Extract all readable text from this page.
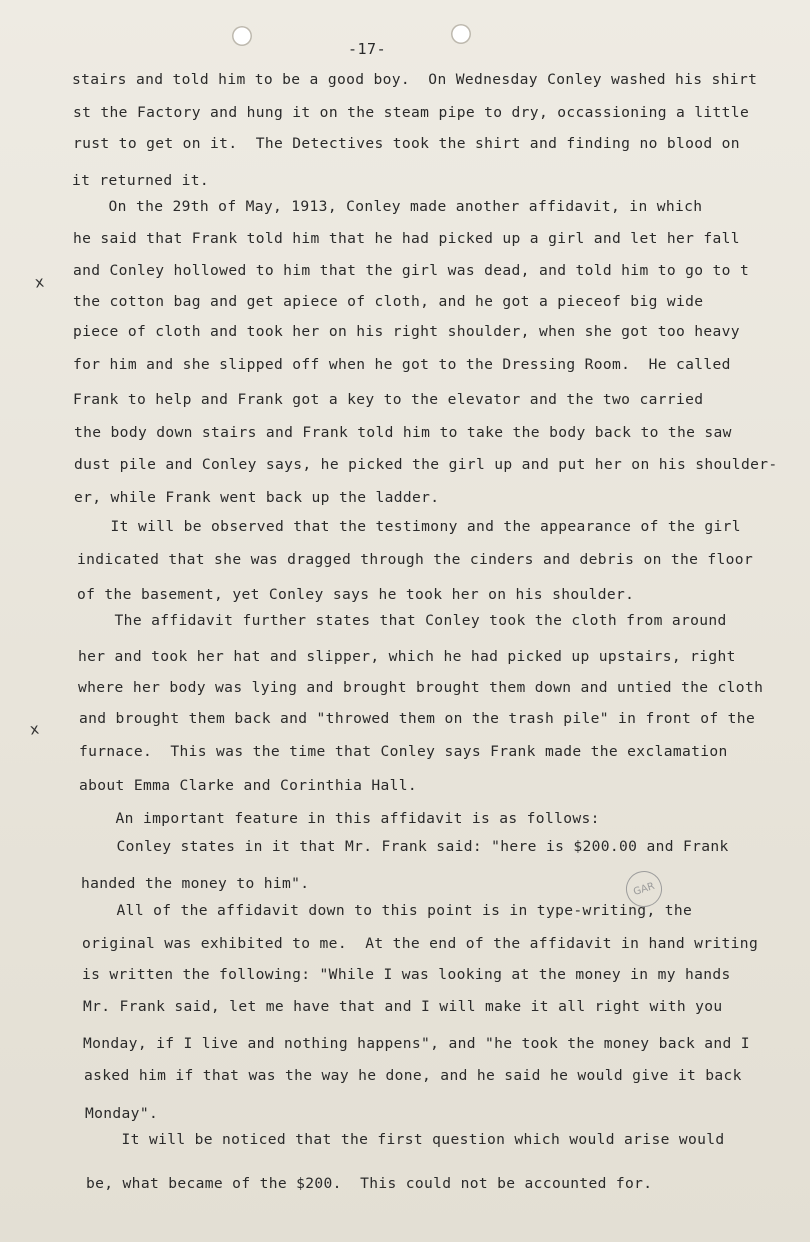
-17-
x
x
GAR
stairs and told him to be a good boy.  On Wednesday Conley washed his shirt
st the Factory and hung it on the steam pipe to dry, occassioning a little
rust to get on it.  The Detectives took the shirt and finding no blood on
it returned it.
On the 29th of May, 1913, Conley made another affidavit, in which
he said that Frank told him that he had picked up a girl and let her fall
and Conley hollowed to him that the girl was dead, and told him to go to t
the cotton bag and get apiece of cloth, and he got a pieceof big wide
piece of cloth and took her on his right shoulder, when she got too heavy
for him and she slipped off when he got to the Dressing Room.  He called
Frank to help and Frank got a key to the elevator and the two carried
the body down stairs and Frank told him to take the body back to the saw
dust pile and Conley says, he picked the girl up and put her on his shoulder-
er, while Frank went back up the ladder.
It will be observed that the testimony and the appearance of the girl
indicated that she was dragged through the cinders and debris on the floor
of the basement, yet Conley says he took her on his shoulder.
The affidavit further states that Conley took the cloth from around
her and took her hat and slipper, which he had picked up upstairs, right
where her body was lying and brought brought them down and untied the cloth
and brought them back and "throwed them on the trash pile" in front of the
furnace.  This was the time that Conley says Frank made the exclamation
about Emma Clarke and Corinthia Hall.
An important feature in this affidavit is as follows:
Conley states in it that Mr. Frank said: "here is $200.00 and Frank
handed the money to him".
All of the affidavit down to this point is in type-writing, the
original was exhibited to me.  At the end of the affidavit in hand writing
is written the following: "While I was looking at the money in my hands
Mr. Frank said, let me have that and I will make it all right with you
Monday, if I live and nothing happens", and "he took the money back and I
asked him if that was the way he done, and he said he would give it back
Monday".
It will be noticed that the first question which would arise would
be, what became of the $200.  This could not be accounted for.
